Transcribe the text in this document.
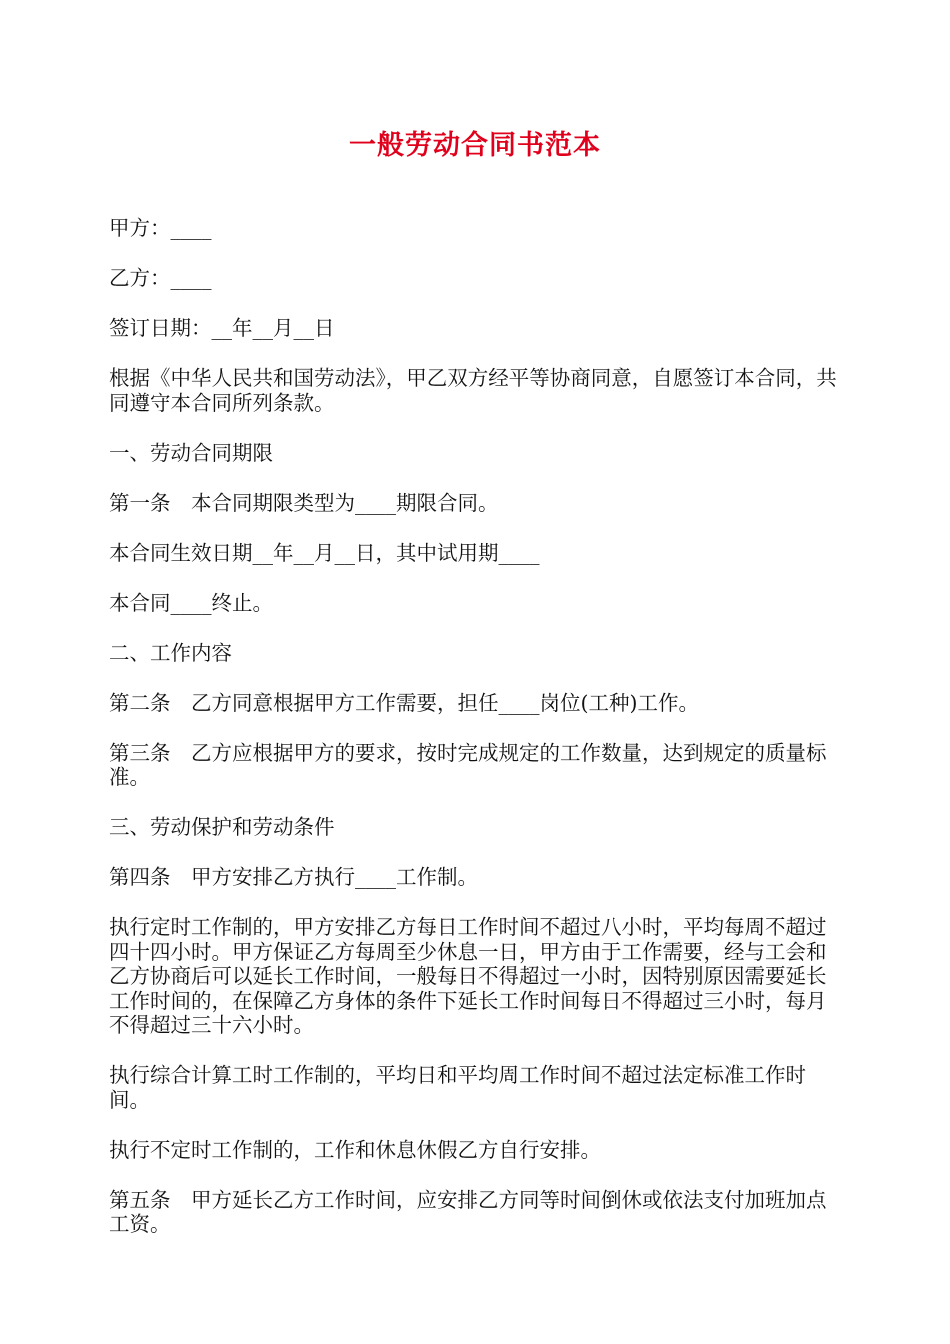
一般劳动合同书范本

甲方：____

乙方：____

签订日期：__年__月__日

根据《中华人民共和国劳动法》，甲乙双方经平等协商同意，自愿签订本合同，共同遵守本合同所列条款。

一、劳动合同期限

第一条　本合同期限类型为____期限合同。

本合同生效日期__年__月__日，其中试用期____

本合同____终止。

二、工作内容

第二条　乙方同意根据甲方工作需要，担任____岗位(工种)工作。

第三条　乙方应根据甲方的要求，按时完成规定的工作数量，达到规定的质量标准。

三、劳动保护和劳动条件

第四条　甲方安排乙方执行____工作制。

执行定时工作制的，甲方安排乙方每日工作时间不超过八小时，平均每周不超过四十四小时。甲方保证乙方每周至少休息一日，甲方由于工作需要，经与工会和乙方协商后可以延长工作时间，一般每日不得超过一小时，因特别原因需要延长工作时间的，在保障乙方身体的条件下延长工作时间每日不得超过三小时，每月不得超过三十六小时。

执行综合计算工时工作制的，平均日和平均周工作时间不超过法定标准工作时间。

执行不定时工作制的，工作和休息休假乙方自行安排。

第五条　甲方延长乙方工作时间，应安排乙方同等时间倒休或依法支付加班加点工资。
